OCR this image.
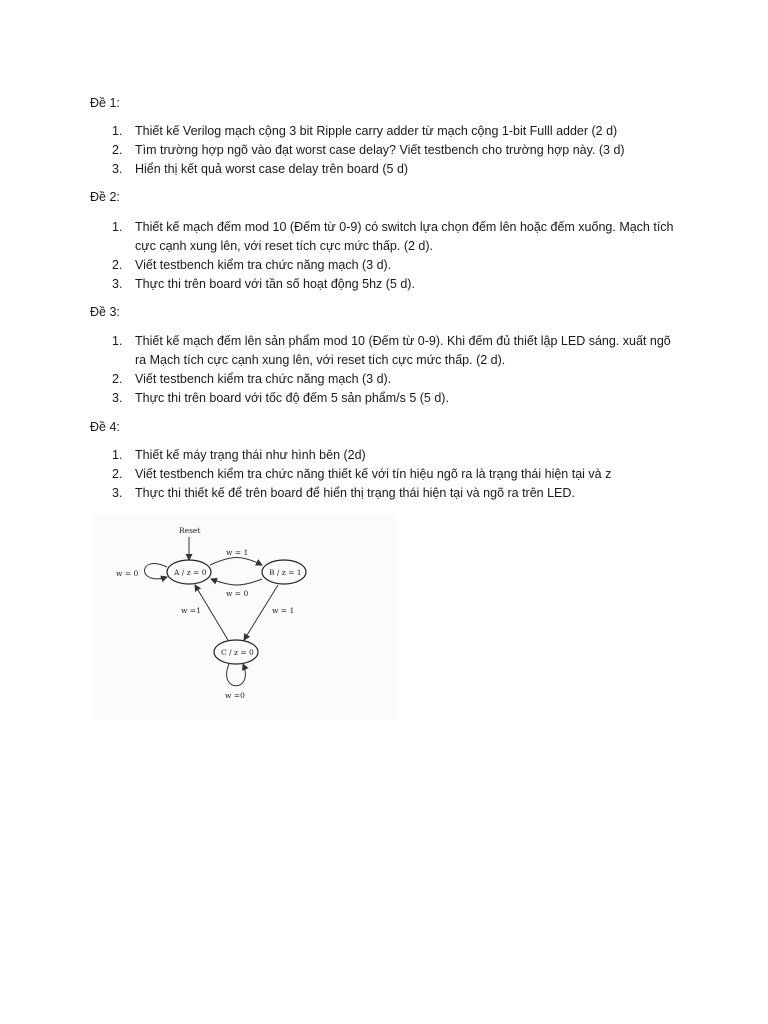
Đề 1:
1. Thiết kế Verilog mạch cộng 3 bit Ripple carry adder từ mạch cộng 1-bit Fulll adder (2 d)
2. Tìm trường hợp ngõ vào đạt worst case delay? Viết testbench cho trường hợp này. (3 d)
3. Hiển thị kết quả worst case delay trên board (5 d)
Đề 2:
1. Thiết kế mạch đếm mod 10 (Đếm từ 0-9) có switch lựa chọn đếm lên hoặc đếm xuống. Mạch tích cực cạnh xung lên, với reset tích cực mức thấp. (2 d).
2. Viết testbench kiểm tra chức năng mạch (3 d).
3. Thực thi trên board với tần số hoạt động 5hz (5 d).
Đề 3:
1. Thiết kế mạch đếm lên sản phẩm mod 10 (Đếm từ 0-9). Khi đếm đủ thiết lập LED sáng. xuất ngõ ra Mạch tích cực cạnh xung lên, với reset tích cực mức thấp. (2 d).
2. Viết testbench kiểm tra chức năng mạch (3 d).
3. Thực thi trên board với tốc độ đếm 5 sản phẩm/s 5 (5 d).
Đề 4:
1. Thiết kế máy trạng thái như hình bên (2d)
2. Viết testbench kiểm tra chức năng thiết kế với tín hiệu ngõ ra là trạng thái hiện tại và z
3. Thực thi thiết kế để trên board để hiển thị trạng thái hiện tại và ngõ ra trên LED.
Reset
w = 0	A / z = 0	B / z = 1
w = 1
w = 0
C / z = 0
w =1	w = 1
w =0
